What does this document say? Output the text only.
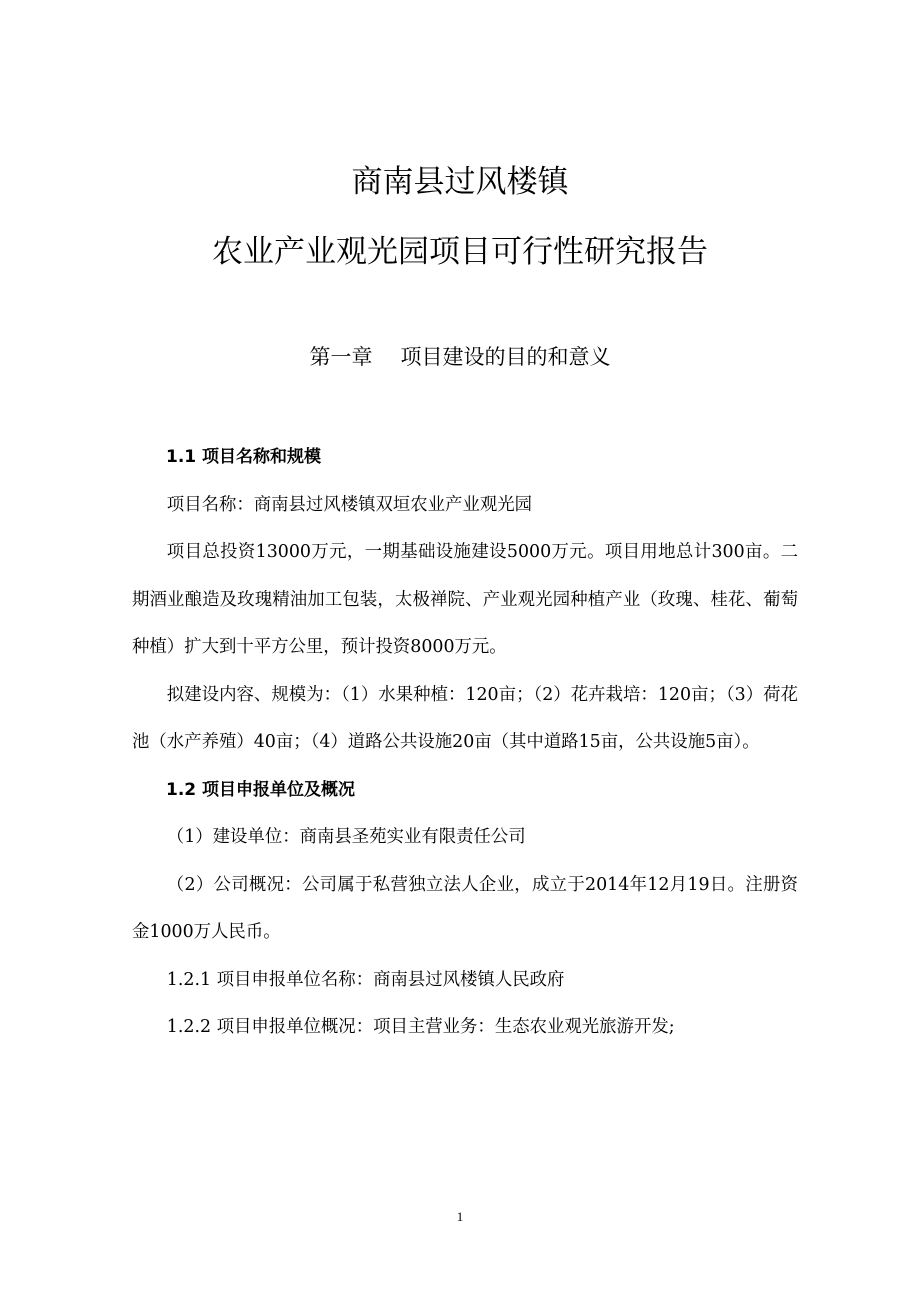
商南县过风楼镇
农业产业观光园项目可行性研究报告
第一章 项目建设的目的和意义

1.1 项目名称和规模

项目名称：商南县过风楼镇双垣农业产业观光园

项目总投资13000万元，一期基础设施建设5000万元。项目用地总计300亩。二期酒业酿造及玫瑰精油加工包装，太极禅院、产业观光园种植产业（玫瑰、桂花、葡萄种植）扩大到十平方公里，预计投资8000万元。

拟建设内容、规模为：（1）水果种植：120亩；（2）花卉栽培：120亩；（3）荷花池（水产养殖）40亩；（4）道路公共设施20亩（其中道路15亩，公共设施5亩）。

1.2 项目申报单位及概况

（1）建设单位：商南县圣苑实业有限责任公司

（2）公司概况：公司属于私营独立法人企业，成立于2014年12月19日。注册资金1000万人民币。

1.2.1 项目申报单位名称：商南县过风楼镇人民政府

1.2.2 项目申报单位概况：项目主营业务：生态农业观光旅游开发;

1
